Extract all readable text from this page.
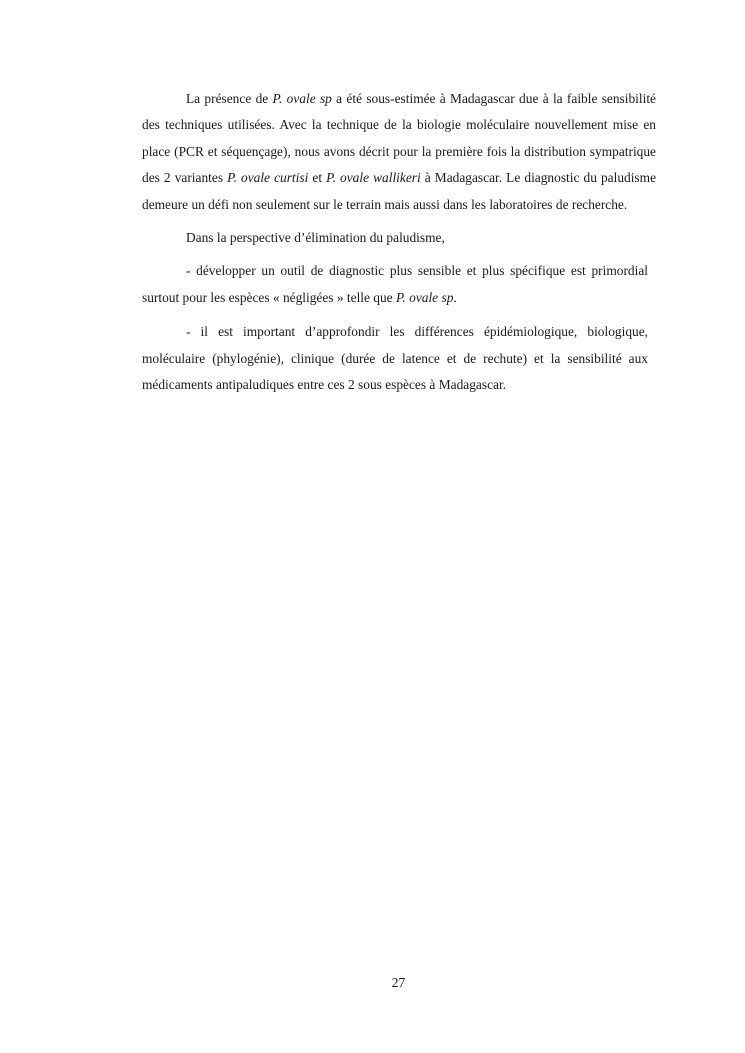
La présence de P. ovale sp a été sous-estimée à Madagascar due à la faible sensibilité des techniques utilisées. Avec la technique de la biologie moléculaire nouvellement mise en place (PCR et séquençage), nous avons décrit pour la première fois la distribution sympatrique des 2 variantes P. ovale curtisi et P. ovale wallikeri à Madagascar. Le diagnostic du paludisme demeure un défi non seulement sur le terrain mais aussi dans les laboratoires de recherche.

Dans la perspective d’élimination du paludisme,

- développer un outil de diagnostic plus sensible et plus spécifique est primordial surtout pour les espèces « négligées » telle que P. ovale sp.

- il est important d’approfondir les différences épidémiologique, biologique, moléculaire (phylogénie), clinique (durée de latence et de rechute) et la sensibilité aux médicaments antipaludiques entre ces 2 sous espèces à Madagascar.

27
